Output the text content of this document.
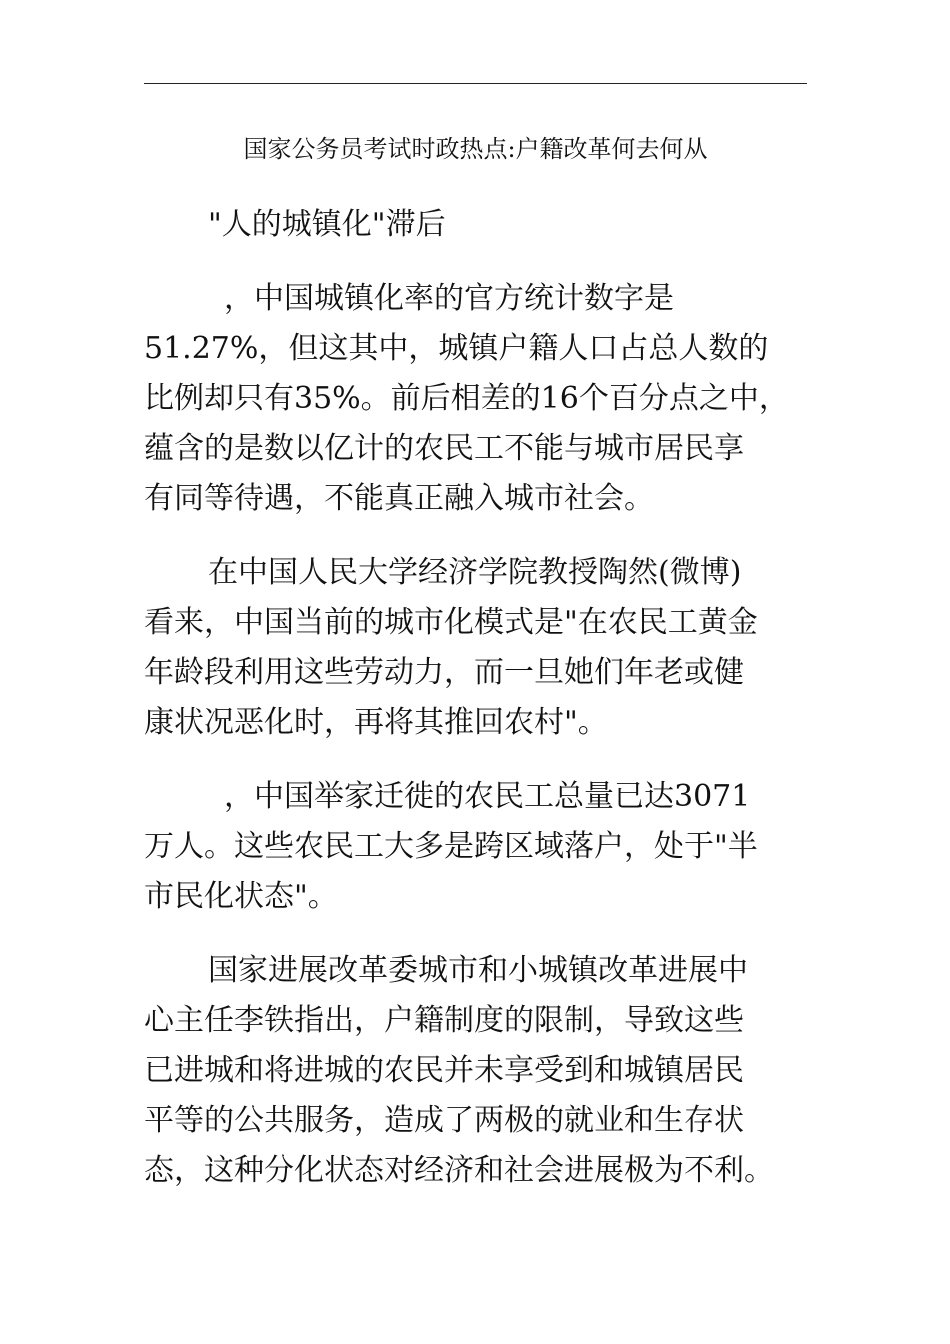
国家公务员考试时政热点:户籍改革何去何从

"人的城镇化"滞后

，中国城镇化率的官方统计数字是
51.27%，但这其中，城镇户籍人口占总人数的
比例却只有35%。前后相差的16个百分点之中，
蕴含的是数以亿计的农民工不能与城市居民享
有同等待遇，不能真正融入城市社会。

在中国人民大学经济学院教授陶然(微博)
看来，中国当前的城市化模式是"在农民工黄金
年龄段利用这些劳动力，而一旦她们年老或健
康状况恶化时，再将其推回农村"。

，中国举家迁徙的农民工总量已达3071
万人。这些农民工大多是跨区域落户，处于"半
市民化状态"。

国家进展改革委城市和小城镇改革进展中
心主任李铁指出，户籍制度的限制，导致这些
已进城和将进城的农民并未享受到和城镇居民
平等的公共服务，造成了两极的就业和生存状
态，这种分化状态对经济和社会进展极为不利。
